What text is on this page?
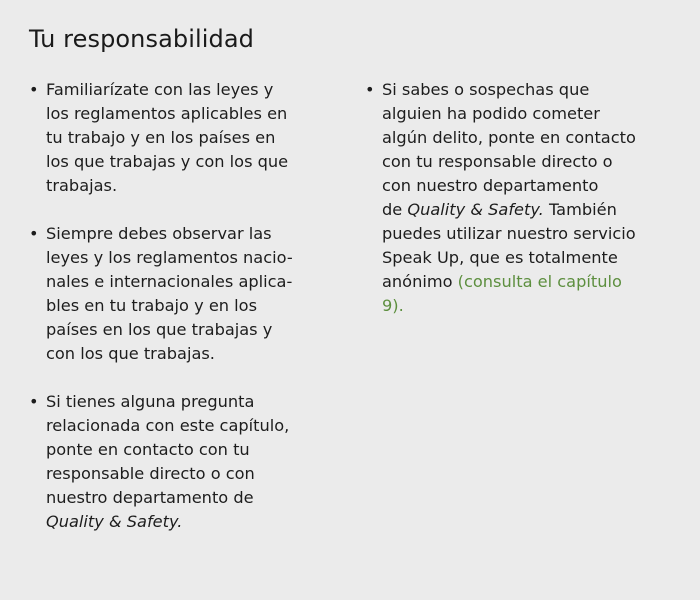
Tu responsabilidad
• Familiarízate con las leyes y
los reglamentos aplicables en
tu trabajo y en los países en
los que trabajas y con los que
trabajas.
• Siempre debes observar las
leyes y los reglamentos nacio-
nales e internacionales aplica-
bles en tu trabajo y en los
países en los que trabajas y
con los que trabajas.
• Si tienes alguna pregunta
relacionada con este capítulo,
ponte en contacto con tu
responsable directo o con
nuestro departamento de
Quality & Safety.
• Si sabes o sospechas que
alguien ha podido cometer
algún delito, ponte en contacto
con tu responsable directo o
con nuestro departamento
de Quality & Safety. También
puedes utilizar nuestro servicio
Speak Up, que es totalmente
anónimo (consulta el capítulo
9).
